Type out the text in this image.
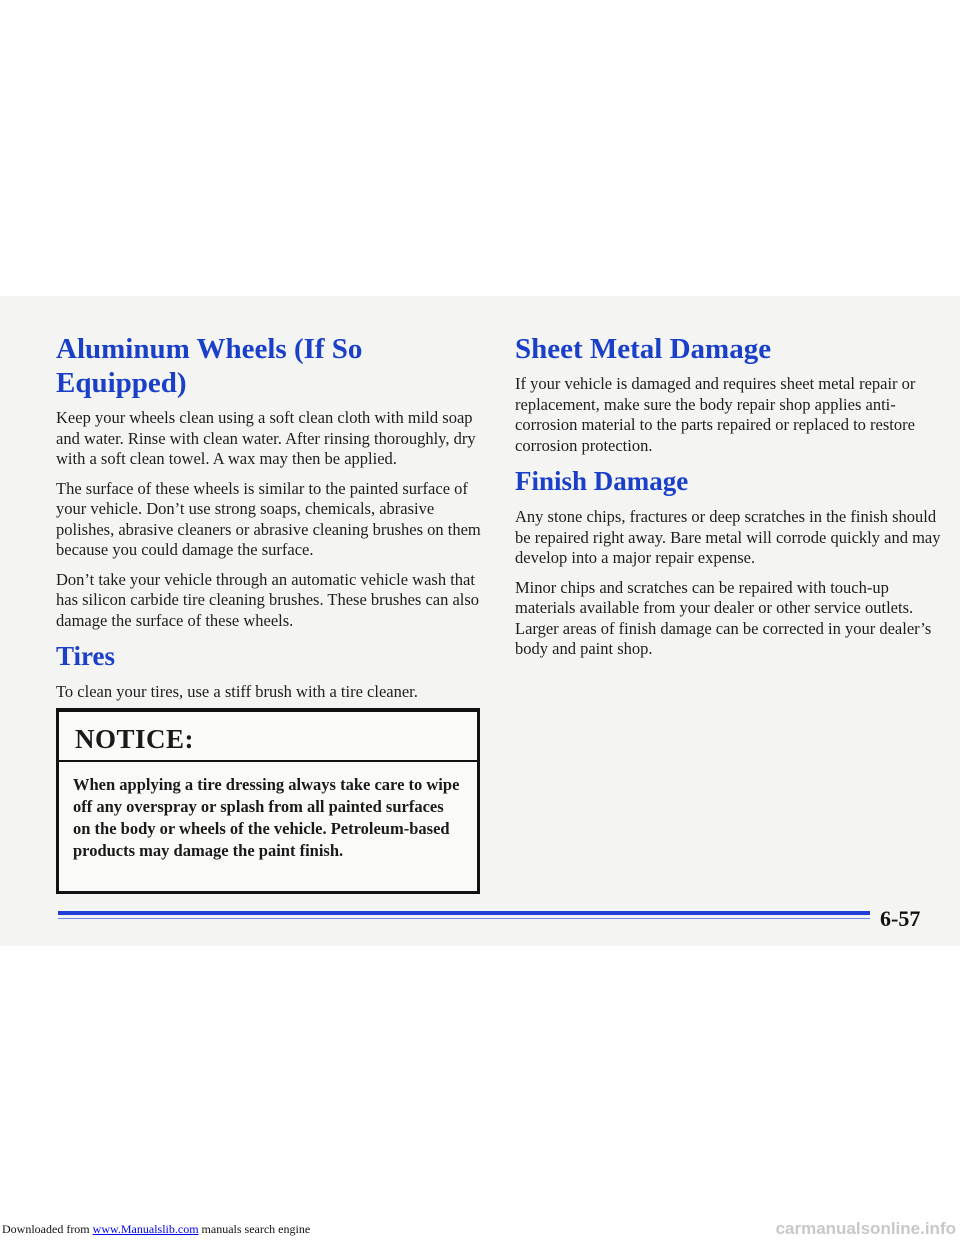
Aluminum Wheels (If So Equipped)

Keep your wheels clean using a soft clean cloth with mild soap and water. Rinse with clean water. After rinsing thoroughly, dry with a soft clean towel. A wax may then be applied.

The surface of these wheels is similar to the painted surface of your vehicle. Don’t use strong soaps, chemicals, abrasive polishes, abrasive cleaners or abrasive cleaning brushes on them because you could damage the surface.

Don’t take your vehicle through an automatic vehicle wash that has silicon carbide tire cleaning brushes. These brushes can also damage the surface of these wheels.

Tires

To clean your tires, use a stiff brush with a tire cleaner.

NOTICE:
When applying a tire dressing always take care to wipe off any overspray or splash from all painted surfaces on the body or wheels of the vehicle. Petroleum-based products may damage the paint finish.
Sheet Metal Damage

If your vehicle is damaged and requires sheet metal repair or replacement, make sure the body repair shop applies anti-corrosion material to the parts repaired or replaced to restore corrosion protection.

Finish Damage

Any stone chips, fractures or deep scratches in the finish should be repaired right away. Bare metal will corrode quickly and may develop into a major repair expense.

Minor chips and scratches can be repaired with touch-up materials available from your dealer or other service outlets. Larger areas of finish damage can be corrected in your dealer’s body and paint shop.

6-57
Downloaded from www.Manualslib.com manuals search engine	carmanualsonline.info
